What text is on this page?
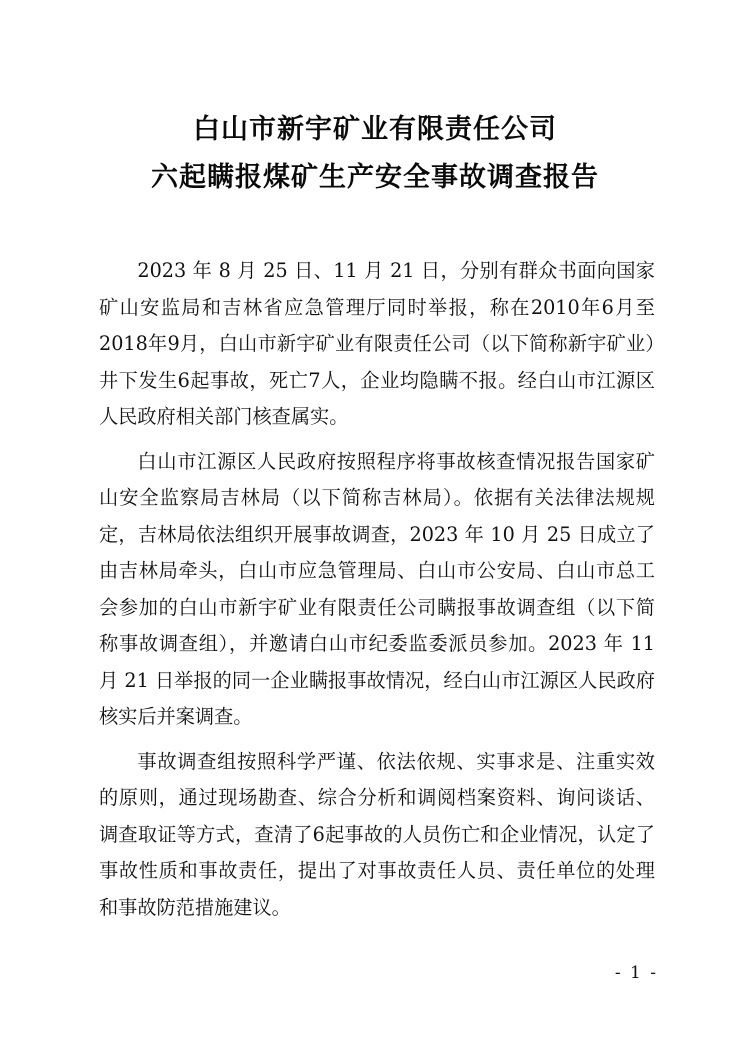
白山市新宇矿业有限责任公司
六起瞒报煤矿生产安全事故调查报告

2023 年 8 月 25 日、11 月 21 日，分别有群众书面向国家矿山安监局和吉林省应急管理厅同时举报，称在2010年6月至2018年9月，白山市新宇矿业有限责任公司（以下简称新宇矿业）井下发生6起事故，死亡7人，企业均隐瞒不报。经白山市江源区人民政府相关部门核查属实。

白山市江源区人民政府按照程序将事故核查情况报告国家矿山安全监察局吉林局（以下简称吉林局）。依据有关法律法规规定，吉林局依法组织开展事故调查，2023 年 10 月 25 日成立了由吉林局牵头，白山市应急管理局、白山市公安局、白山市总工会参加的白山市新宇矿业有限责任公司瞒报事故调查组（以下简称事故调查组），并邀请白山市纪委监委派员参加。2023 年 11 月 21 日举报的同一企业瞒报事故情况，经白山市江源区人民政府核实后并案调查。

事故调查组按照科学严谨、依法依规、实事求是、注重实效的原则，通过现场勘查、综合分析和调阅档案资料、询问谈话、调查取证等方式，查清了6起事故的人员伤亡和企业情况，认定了事故性质和事故责任，提出了对事故责任人员、责任单位的处理和事故防范措施建议。

- 1 -
